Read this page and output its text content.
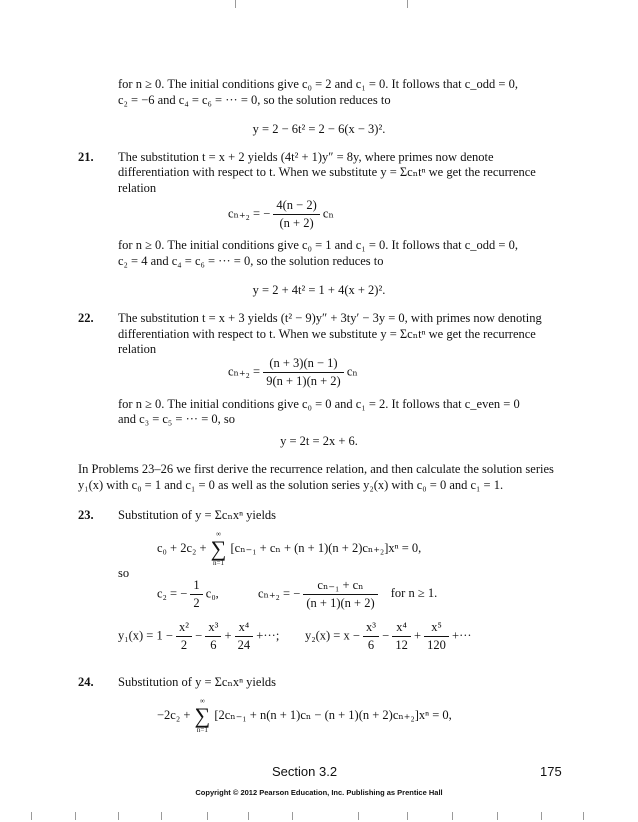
for n ≥ 0. The initial conditions give c₀ = 2 and c₁ = 0. It follows that c_odd = 0,
c₂ = −6 and c₄ = c₆ = ··· = 0, so the solution reduces to
y = 2 − 6t² = 2 − 6(x − 3)².
21. The substitution t = x + 2 yields (4t² + 1)y″ = 8y, where primes now denote
differentiation with respect to t. When we substitute y = Σcₙtⁿ we get the recurrence
relation
cₙ₊₂ = − $\frac{4(n - 2)}{(n + 2)}$ cₙ
for n ≥ 0. The initial conditions give c₀ = 1 and c₁ = 0. It follows that c_odd = 0,
c₂ = 4 and c₄ = c₆ = ··· = 0, so the solution reduces to
y = 2 + 4t² = 1 + 4(x + 2)².
22. The substitution t = x + 3 yields (t² − 9)y″ + 3ty′ − 3y = 0, with primes now denoting
differentiation with respect to t. When we substitute y = Σcₙtⁿ we get the recurrence
relation
$c_{n+2} = \frac{(n + 3)(n - 1)}{9(n + 1)(n + 2)}$ cₙ
for n ≥ 0. The initial conditions give c₀ = 0 and c₁ = 2. It follows that c_even = 0
and c₃ = c₅ = ··· = 0, so
y = 2t = 2x + 6.
In Problems 23–26 we first derive the recurrence relation, and then calculate the solution series
y₁(x) with c₀ = 1 and c₁ = 0 as well as the solution series y₂(x) with c₀ = 0 and c₁ = 1.
23. Substitution of y = Σcₙxⁿ yields
c₀ + 2c₂ +
∞
∑
n=1
[cₙ₋₁ + cₙ + (n + 1)(n + 2)cₙ₊₂]xⁿ = 0,
so
c₂ = − $\frac{1}{2} c_0$,	cₙ₊₂ = − $\frac{\text{cₙ₋₁ + cₙ}}{(n + 1)(n + 2)}$ for n ≥ 1.
$y_1(x) = 1 - \frac{\text{x²}}{2} - \frac{\text{x³}}{6} + \frac{\text{x⁴}}{24}$ +···; $y_2(x) = x - \frac{\text{x³}}{6} - \frac{\text{x⁴}}{12} + \frac{\text{x⁵}}{120}$ +···
24. Substitution of y = Σcₙxⁿ yields
−2c₂ +
∞
∑
n=1
[2cₙ₋₁ + n(n + 1)cₙ − (n + 1)(n + 2)cₙ₊₂]xⁿ = 0,
Section 3.2	175
Copyright © 2012 Pearson Education, Inc. Publishing as Prentice Hall
